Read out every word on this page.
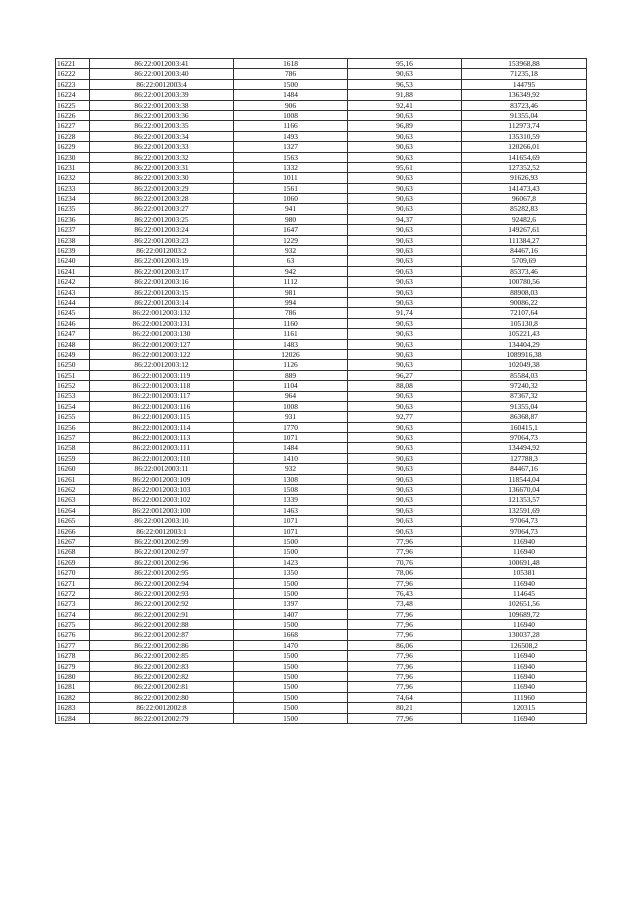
16221	86:22:0012003:41	1618	95,16	153968,88
16222	86:22:0012003:40	786	90,63	71235,18
16223	86:22:0012003:4	1500	96,53	144795
16224	86:22:0012003:39	1484	91,88	136349,92
16225	86:22:0012003:38	906	92,41	83723,46
16226	86:22:0012003:36	1008	90,63	91355,04
16227	86:22:0012003:35	1166	96,89	112973,74
16228	86:22:0012003:34	1493	90,63	135310,59
16229	86:22:0012003:33	1327	90,63	120266,01
16230	86:22:0012003:32	1563	90,63	141654,69
16231	86:22:0012003:31	1332	95,61	127352,52
16232	86:22:0012003:30	1011	90,63	91626,93
16233	86:22:0012003:29	1561	90,63	141473,43
16234	86:22:0012003:28	1060	90,63	96067,8
16235	86:22:0012003:27	941	90,63	85282,83
16236	86:22:0012003:25	980	94,37	92482,6
16237	86:22:0012003:24	1647	90,63	149267,61
16238	86:22:0012003:23	1229	90,63	111384,27
16239	86:22:0012003:2	932	90,63	84467,16
16240	86:22:0012003:19	63	90,63	5709,69
16241	86:22:0012003:17	942	90,63	85373,46
16242	86:22:0012003:16	1112	90,63	100780,56
16243	86:22:0012003:15	981	90,63	88908,03
16244	86:22:0012003:14	994	90,63	90086,22
16245	86:22:0012003:132	786	91,74	72107,64
16246	86:22:0012003:131	1160	90,63	105130,8
16247	86:22:0012003:130	1161	90,63	105221,43
16248	86:22:0012003:127	1483	90,63	134404,29
16249	86:22:0012003:122	12026	90,63	1089916,38
16250	86:22:0012003:12	1126	90,63	102049,38
16251	86:22:0012003:119	889	96,27	85584,03
16252	86:22:0012003:118	1104	88,08	97240,32
16253	86:22:0012003:117	964	90,63	87367,32
16254	86:22:0012003:116	1008	90,63	91355,04
16255	86:22:0012003:115	931	92,77	86368,87
16256	86:22:0012003:114	1770	90,63	160415,1
16257	86:22:0012003:113	1071	90,63	97064,73
16258	86:22:0012003:111	1484	90,63	134494,92
16259	86:22:0012003:110	1410	90,63	127788,3
16260	86:22:0012003:11	932	90,63	84467,16
16261	86:22:0012003:109	1308	90,63	118544,04
16262	86:22:0012003:103	1508	90,63	136670,04
16263	86:22:0012003:102	1339	90,63	121353,57
16264	86:22:0012003:100	1463	90,63	132591,69
16265	86:22:0012003:10	1071	90,63	97064,73
16266	86:22:0012003:1	1071	90,63	97064,73
16267	86:22:0012002:99	1500	77,96	116940
16268	86:22:0012002:97	1500	77,96	116940
16269	86:22:0012002:96	1423	70,76	100691,48
16270	86:22:0012002:95	1350	78,06	105381
16271	86:22:0012002:94	1500	77,96	116940
16272	86:22:0012002:93	1500	76,43	114645
16273	86:22:0012002:92	1397	73,48	102651,56
16274	86:22:0012002:91	1407	77,96	109689,72
16275	86:22:0012002:88	1500	77,96	116940
16276	86:22:0012002:87	1668	77,96	130037,28
16277	86:22:0012002:86	1470	86,06	126508,2
16278	86:22:0012002:85	1500	77,96	116940
16279	86:22:0012002:83	1500	77,96	116940
16280	86:22:0012002:82	1500	77,96	116940
16281	86:22:0012002:81	1500	77,96	116940
16282	86:22:0012002:80	1500	74,64	111960
16283	86:22:0012002:8	1500	80,21	120315
16284	86:22:0012002:79	1500	77,96	116940
